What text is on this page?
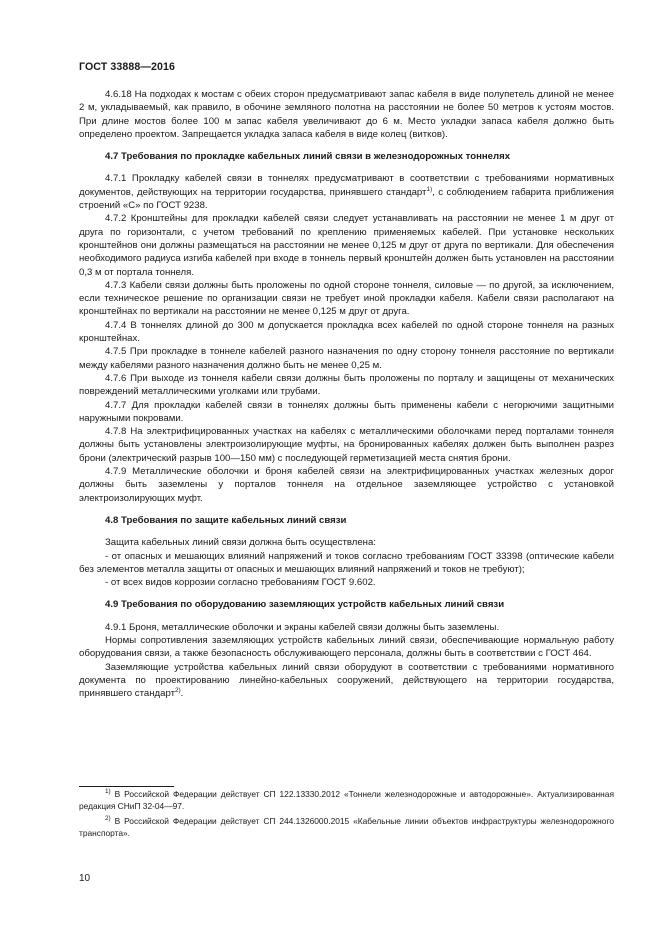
ГОСТ 33888—2016

4.6.18 На подходах к мостам с обеих сторон предусматривают запас кабеля в виде полупетель длиной не менее 2 м, укладываемый, как правило, в обочине земляного полотна на расстоянии не более 50 метров к устоям мостов. При длине мостов более 100 м запас кабеля увеличивают до 6 м. Место укладки запаса кабеля должно быть определено проектом. Запрещается укладка запаса кабеля в виде колец (витков).

4.7 Требования по прокладке кабельных линий связи в железнодорожных тоннелях

4.7.1 Прокладку кабелей связи в тоннелях предусматривают в соответствии с требованиями нормативных документов, действующих на территории государства, принявшего стандарт$^{1)}$, с соблюдением габарита приближения строений «С» по ГОСТ 9238.

4.7.2 Кронштейны для прокладки кабелей связи следует устанавливать на расстоянии не менее 1 м друг от друга по горизонтали, с учетом требований по креплению применяемых кабелей. При установке нескольких кронштейнов они должны размещаться на расстоянии не менее 0,125 м друг от друга по вертикали. Для обеспечения необходимого радиуса изгиба кабелей при входе в тоннель первый кронштейн должен быть установлен на расстоянии 0,3 м от портала тоннеля.

4.7.3 Кабели связи должны быть проложены по одной стороне тоннеля, силовые — по другой, за исключением, если техническое решение по организации связи не требует иной прокладки кабеля. Кабели связи располагают на кронштейнах по вертикали на расстоянии не менее 0,125 м друг от друга.

4.7.4 В тоннелях длиной до 300 м допускается прокладка всех кабелей по одной стороне тоннеля на разных кронштейнах.

4.7.5 При прокладке в тоннеле кабелей разного назначения по одну сторону тоннеля расстояние по вертикали между кабелями разного назначения должно быть не менее 0,25 м.

4.7.6 При выходе из тоннеля кабели связи должны быть проложены по порталу и защищены от механических повреждений металлическими уголками или трубами.

4.7.7 Для прокладки кабелей связи в тоннелях должны быть применены кабели с негорючими защитными наружными покровами.

4.7.8 На электрифицированных участках на кабелях с металлическими оболочками перед порталами тоннеля должны быть установлены электроизолирующие муфты, на бронированных кабелях должен быть выполнен разрез брони (электрический разрыв 100—150 мм) с последующей герметизацией места снятия брони.

4.7.9 Металлические оболочки и броня кабелей связи на электрифицированных участках железных дорог должны быть заземлены у порталов тоннеля на отдельное заземляющее устройство с установкой электроизолирующих муфт.

4.8 Требования по защите кабельных линий связи

Защита кабельных линий связи должна быть осуществлена:

- от опасных и мешающих влияний напряжений и токов согласно требованиям ГОСТ 33398 (оптические кабели без элементов металла защиты от опасных и мешающих влияний напряжений и токов не требуют);

- от всех видов коррозии согласно требованиям ГОСТ 9.602.

4.9 Требования по оборудованию заземляющих устройств кабельных линий связи

4.9.1 Броня, металлические оболочки и экраны кабелей связи должны быть заземлены.

Нормы сопротивления заземляющих устройств кабельных линий связи, обеспечивающие нормальную работу оборудования связи, а также безопасность обслуживающего персонала, должны быть в соответствии с ГОСТ 464.

Заземляющие устройства кабельных линий связи оборудуют в соответствии с требованиями нормативного документа по проектированию линейно-кабельных сооружений, действующего на территории государства, принявшего стандарт$^{2)}$.

$^{1)}$ В Российской Федерации действует СП 122.13330.2012 «Тоннели железнодорожные и автодорожные». Актуализированная редакция СНиП 32-04—97.

$^{2)}$ В Российской Федерации действует СП 244.1326000.2015 «Кабельные линии объектов инфраструктуры железнодорожного транспорта».

10
